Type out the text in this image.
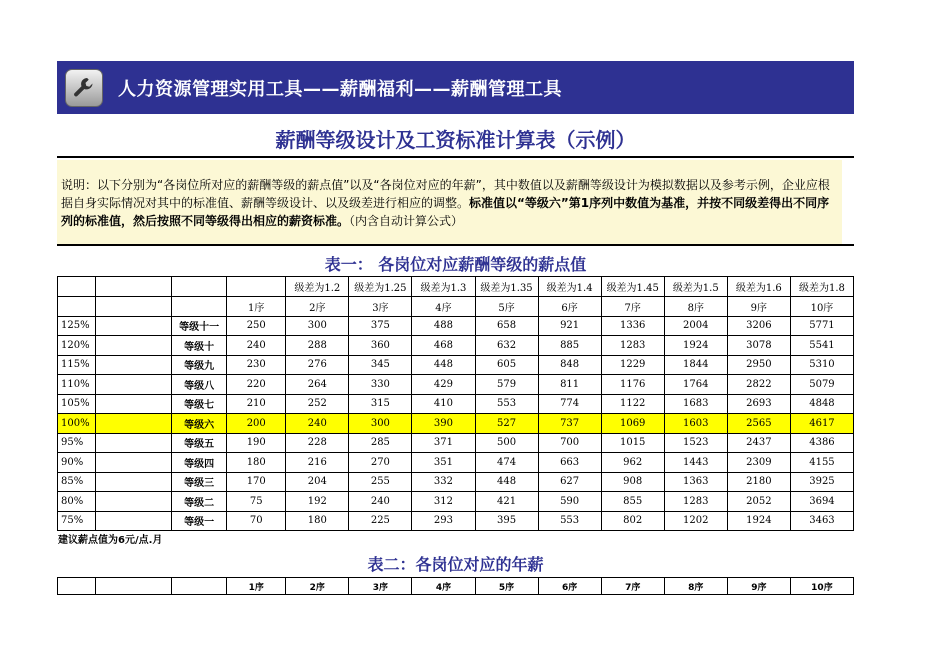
人力资源管理实用工具——薪酬福利——薪酬管理工具
薪酬等级设计及工资标准计算表（示例）
说明：以下分别为“各岗位所对应的薪酬等级的薪点值”以及“各岗位对应的年薪”，其中数值以及薪酬等级设计为模拟数据以及参考示例，企业应根据自身实际情况对其中的标准值、薪酬等级设计、以及级差进行相应的调整。标准值以“等级六”第1序列中数值为基准，并按不同级差得出不同序列的标准值，然后按照不同等级得出相应的薪资标准。（内含自动计算公式）
表一： 各岗位对应薪酬等级的薪点值
				级差为1.2	级差为1.25	级差为1.3	级差为1.35	级差为1.4	级差为1.45	级差为1.5	级差为1.6	级差为1.8
			1序	2序	3序	4序	5序	6序	7序	8序	9序	10序
125%		等级十一	250	300	375	488	658	921	1336	2004	3206	5771
120%		等级十	240	288	360	468	632	885	1283	1924	3078	5541
115%		等级九	230	276	345	448	605	848	1229	1844	2950	5310
110%		等级八	220	264	330	429	579	811	1176	1764	2822	5079
105%		等级七	210	252	315	410	553	774	1122	1683	2693	4848
100%		等级六	200	240	300	390	527	737	1069	1603	2565	4617
95%		等级五	190	228	285	371	500	700	1015	1523	2437	4386
90%		等级四	180	216	270	351	474	663	962	1443	2309	4155
85%		等级三	170	204	255	332	448	627	908	1363	2180	3925
80%		等级二	75	192	240	312	421	590	855	1283	2052	3694
75%		等级一	70	180	225	293	395	553	802	1202	1924	3463
建议薪点值为6元/点.月
表二：各岗位对应的年薪
			1序	2序	3序	4序	5序	6序	7序	8序	9序	10序
